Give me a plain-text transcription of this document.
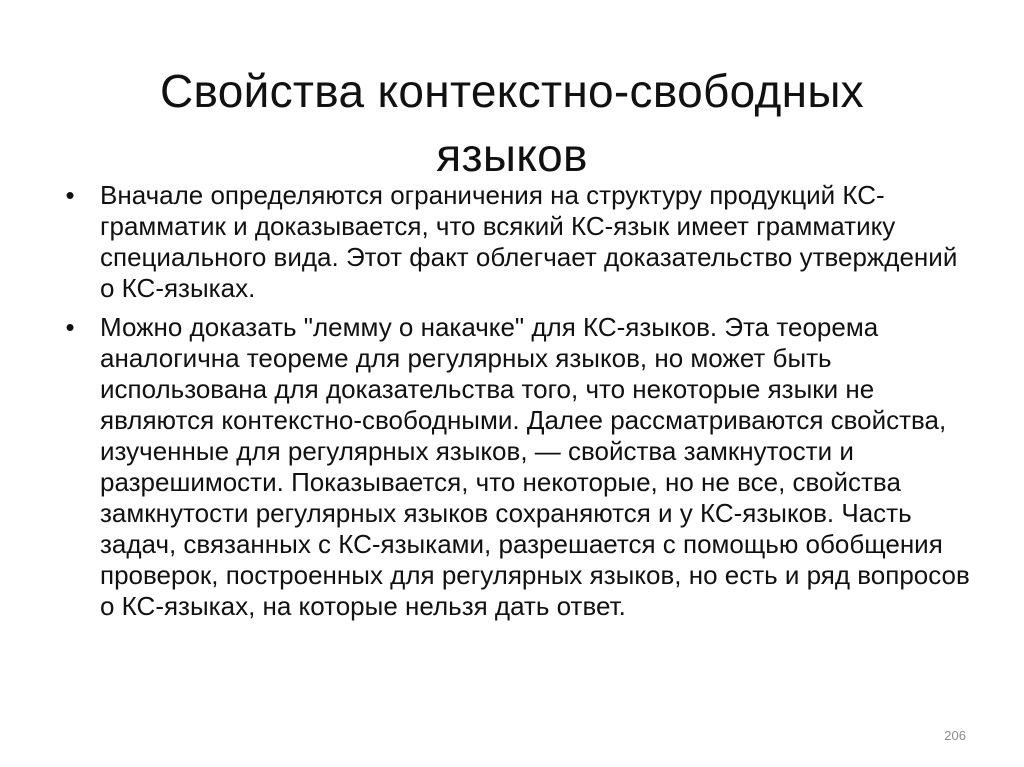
Свойства контекстно-свободных
языков
• Вначале определяются ограничения на структуру продукций КС-грамматик и доказывается, что всякий КС-язык имеет грамматику специального вида. Этот факт облегчает доказательство утверждений о КС-языках.
• Можно доказать "лемму о накачке" для КС-языков. Эта теорема аналогична теореме для регулярных языков, но может быть использована для доказательства того, что некоторые языки не являются контекстно-свободными. Далее рассматриваются свойства, изученные для регулярных языков, — свойства замкнутости и разрешимости. Показывается, что некоторые, но не все, свойства замкнутости регулярных языков сохраняются и у КС-языков. Часть задач, связанных с КС-языками, разрешается с помощью обобщения проверок, построенных для регулярных языков, но есть и ряд вопросов о КС-языках, на которые нельзя дать ответ.
206
